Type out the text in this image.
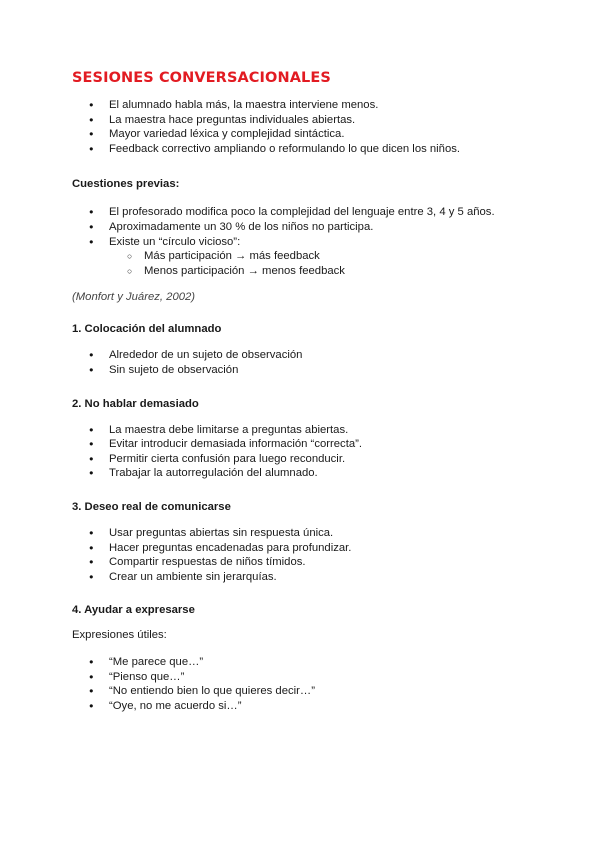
SESIONES CONVERSACIONALES
● El alumnado habla más, la maestra interviene menos.
● La maestra hace preguntas individuales abiertas.
● Mayor variedad léxica y complejidad sintáctica.
● Feedback correctivo ampliando o reformulando lo que dicen los niños.

Cuestiones previas:

● El profesorado modifica poco la complejidad del lenguaje entre 3, 4 y 5 años.
● Aproximadamente un 30 % de los niños no participa.
● Existe un “círculo vicioso”:
○ Más participación → más feedback
○ Menos participación → menos feedback

(Monfort y Juárez, 2002)

1. Colocación del alumnado

● Alrededor de un sujeto de observación
● Sin sujeto de observación

2. No hablar demasiado

● La maestra debe limitarse a preguntas abiertas.
● Evitar introducir demasiada información “correcta”.
● Permitir cierta confusión para luego reconducir.
● Trabajar la autorregulación del alumnado.

3. Deseo real de comunicarse

● Usar preguntas abiertas sin respuesta única.
● Hacer preguntas encadenadas para profundizar.
● Compartir respuestas de niños tímidos.
● Crear un ambiente sin jerarquías.

4. Ayudar a expresarse

Expresiones útiles:

● “Me parece que…”
● “Pienso que…”
● “No entiendo bien lo que quieres decir…”
● “Oye, no me acuerdo si…”
